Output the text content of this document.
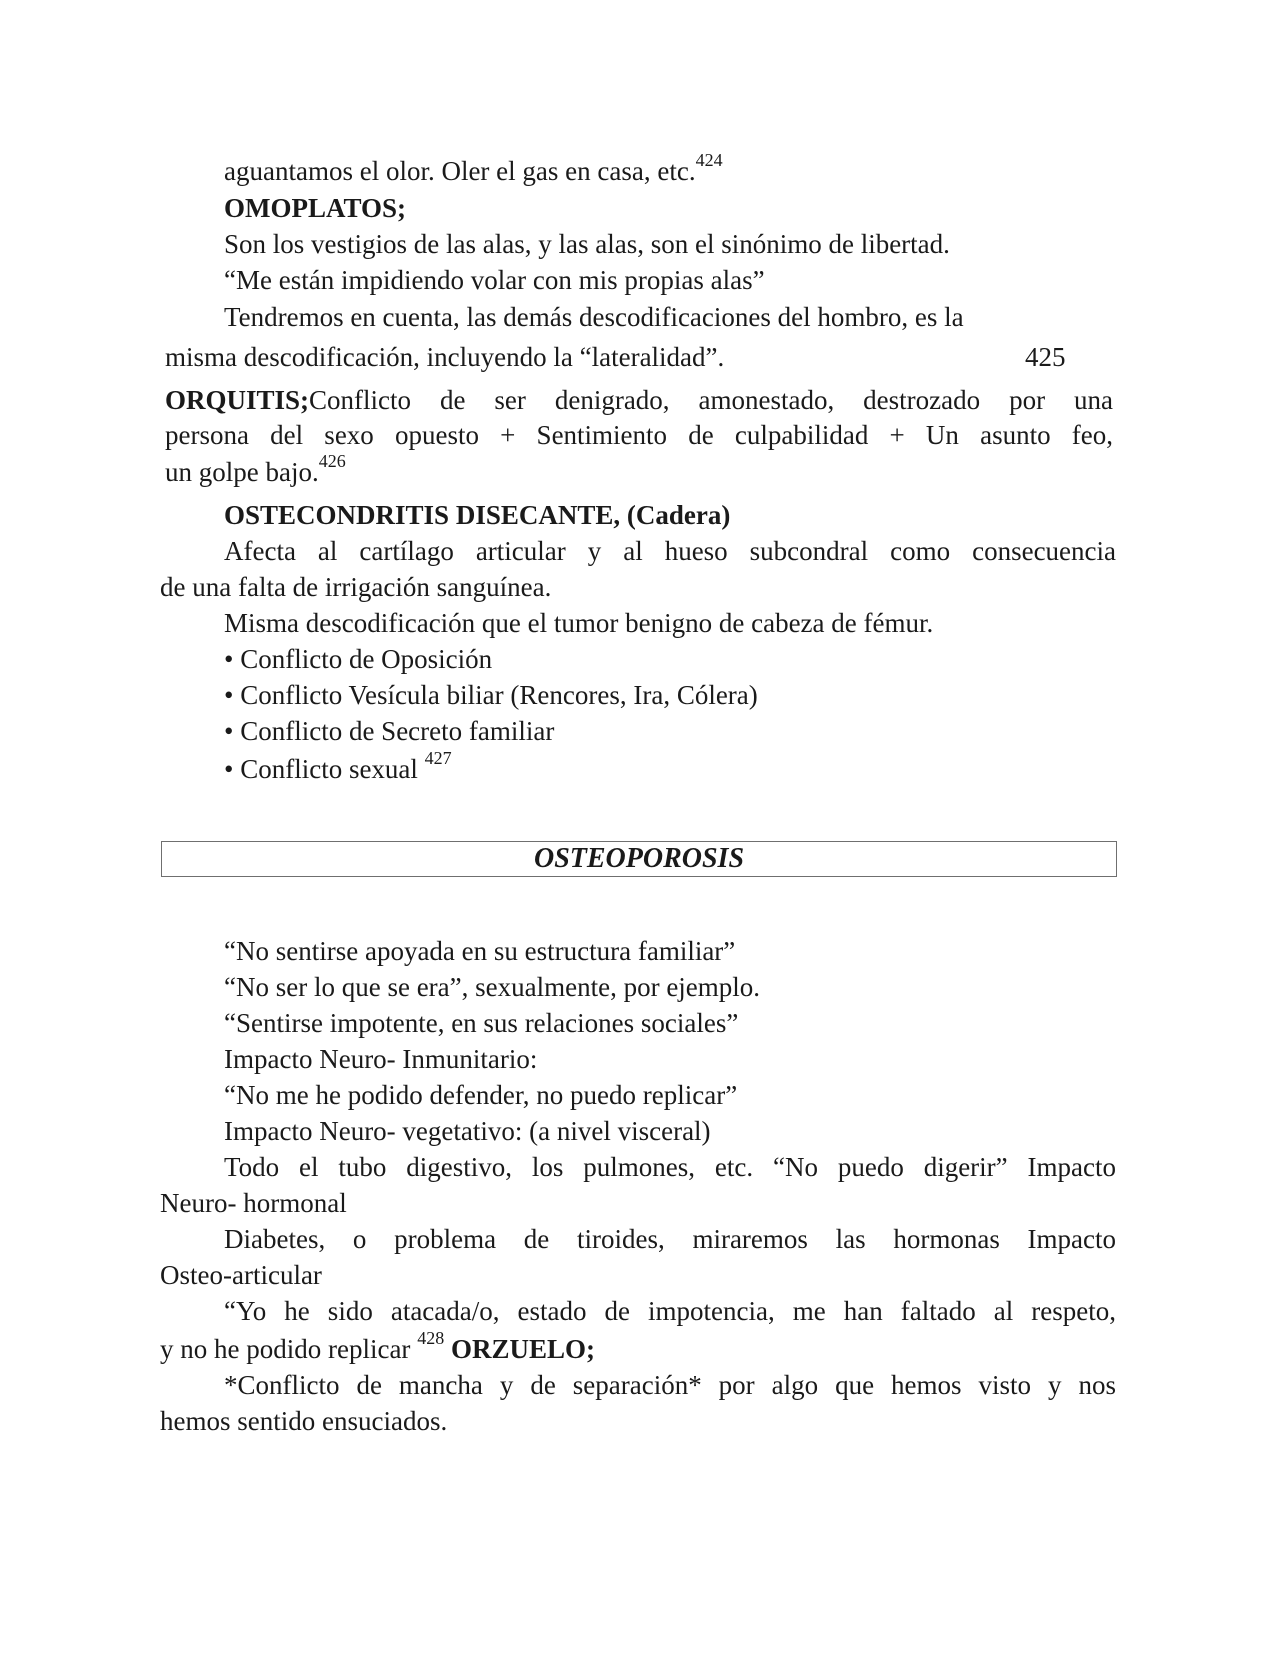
aguantamos el olor. Oler el gas en casa, etc.$^{424}$

OMOPLATOS;

Son los vestigios de las alas, y las alas, son el sinónimo de libertad.

“Me están impidiendo volar con mis propias alas”

Tendremos en cuenta, las demás descodificaciones del hombro, es la

misma descodificación, incluyendo la “lateralidad”.	425

ORQUITIS;Conflicto de ser denigrado, amonestado, destrozado por una

persona del sexo opuesto + Sentimiento de culpabilidad + Un asunto feo,

un golpe bajo.$^{426}$

OSTECONDRITIS DISECANTE, (Cadera)

Afecta al cartílago articular y al hueso subcondral como consecuencia

de una falta de irrigación sanguínea.

Misma descodificación que el tumor benigno de cabeza de fémur.

• Conflicto de Oposición

• Conflicto Vesícula biliar (Rencores, Ira, Cólera)

• Conflicto de Secreto familiar

• Conflicto sexual $^{427}$

OSTEOPOROSIS

“No sentirse apoyada en su estructura familiar”

“No ser lo que se era”, sexualmente, por ejemplo.

“Sentirse impotente, en sus relaciones sociales”

Impacto Neuro- Inmunitario:

“No me he podido defender, no puedo replicar”

Impacto Neuro- vegetativo: (a nivel visceral)

Todo el tubo digestivo, los pulmones, etc. “No puedo digerir” Impacto

Neuro- hormonal

Diabetes, o problema de tiroides, miraremos las hormonas Impacto

Osteo-articular

“Yo he sido atacada/o, estado de impotencia, me han faltado al respeto,

y no he podido replicar $^{428}$ ORZUELO;

*Conflicto de mancha y de separación* por algo que hemos visto y nos

hemos sentido ensuciados.
